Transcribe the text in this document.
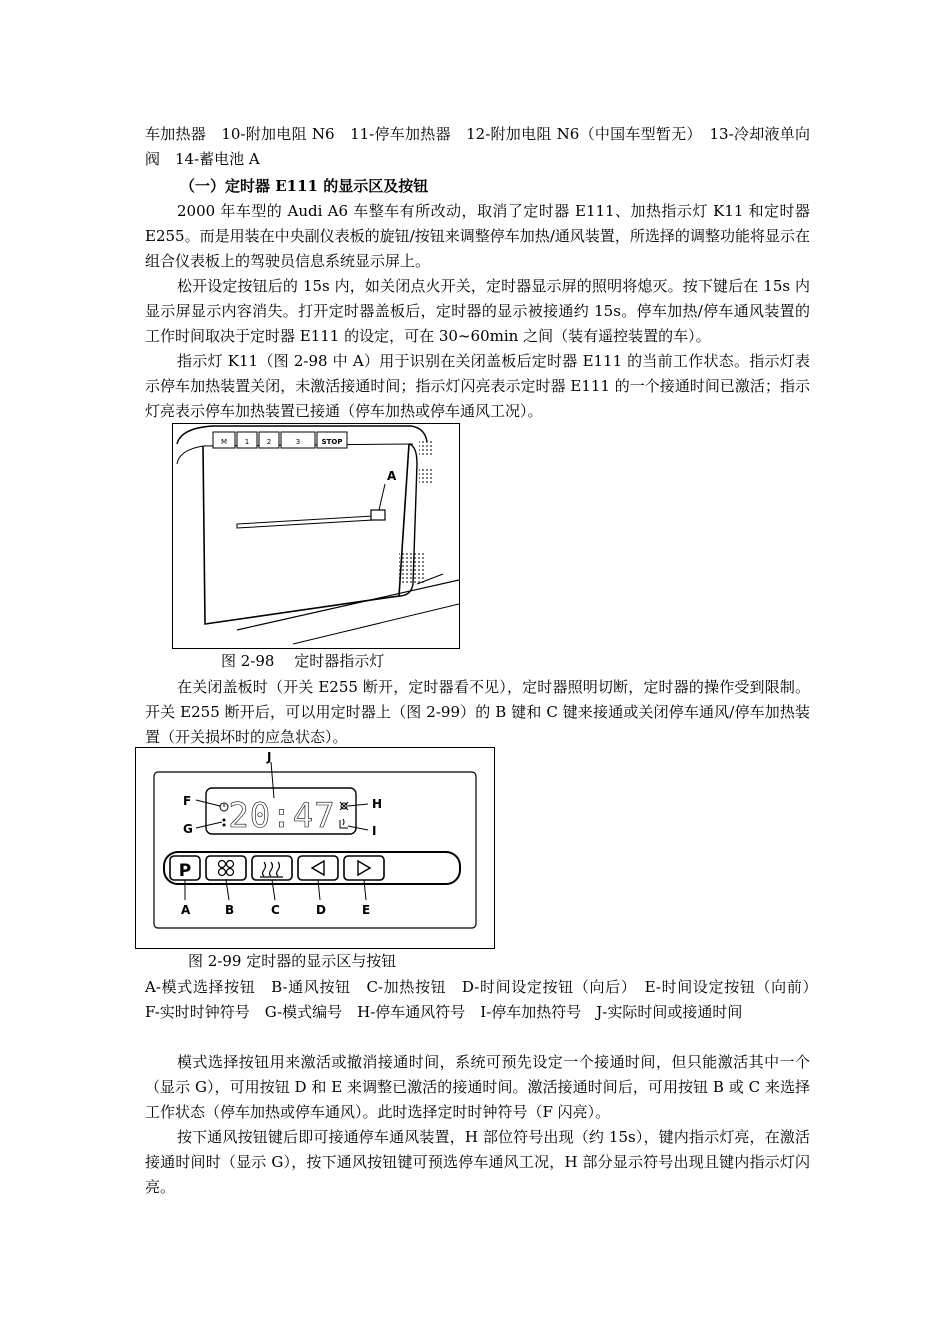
车加热器　10-附加电阻 N6　11-停车加热器　12-附加电阻 N6（中国车型暂无）　13-冷却液单向阀　14-蓄电池 A

（一）定时器 E111 的显示区及按钮

2000 年车型的 Audi A6 车整车有所改动，取消了定时器 E111、加热指示灯 K11 和定时器 E255。而是用装在中央副仪表板的旋钮/按钮来调整停车加热/通风装置，所选择的调整功能将显示在组合仪表板上的驾驶员信息系统显示屏上。

松开设定按钮后的 15s 内，如关闭点火开关，定时器显示屏的照明将熄灭。按下键后在 15s 内显示屏显示内容消失。打开定时器盖板后，定时器的显示被接通约 15s。停车加热/停车通风装置的工作时间取决于定时器 E111 的设定，可在 30~60min 之间（装有遥控装置的车）。

指示灯 K11（图 2-98 中 A）用于识别在关闭盖板后定时器 E111 的当前工作状态。指示灯表示停车加热装置关闭，未激活接通时间；指示灯闪亮表示定时器 E111 的一个接通时间已激活；指示灯亮表示停车加热装置已接通（停车加热或停车通风工况）。

M	1	2	3	STOP
A

图 2-98　 定时器指示灯

在关闭盖板时（开关 E255 断开，定时器看不见），定时器照明切断，定时器的操作受到限制。开关 E255 断开后，可以用定时器上（图 2-99）的 B 键和 C 键来接通或关闭停车通风/停车加热装置（开关损坏时的应急状态）。

20:47
J
F
G
H
I
P
A	B	C	D	E

图 2-99 定时器的显示区与按钮

A-模式选择按钮　B-通风按钮　C-加热按钮　D-时间设定按钮（向后）　E-时间设定按钮（向前）　F-实时时钟符号　G-模式编号　H-停车通风符号　I-停车加热符号　J-实际时间或接通时间

模式选择按钮用来激活或撤消接通时间，系统可预先设定一个接通时间，但只能激活其中一个（显示 G），可用按钮 D 和 E 来调整已激活的接通时间。激活接通时间后，可用按钮 B 或 C 来选择工作状态（停车加热或停车通风）。此时选择定时时钟符号（F 闪亮）。

按下通风按钮键后即可接通停车通风装置，H 部位符号出现（约 15s），键内指示灯亮，在激活接通时间时（显示 G），按下通风按钮键可预选停车通风工况，H 部分显示符号出现且键内指示灯闪亮。
